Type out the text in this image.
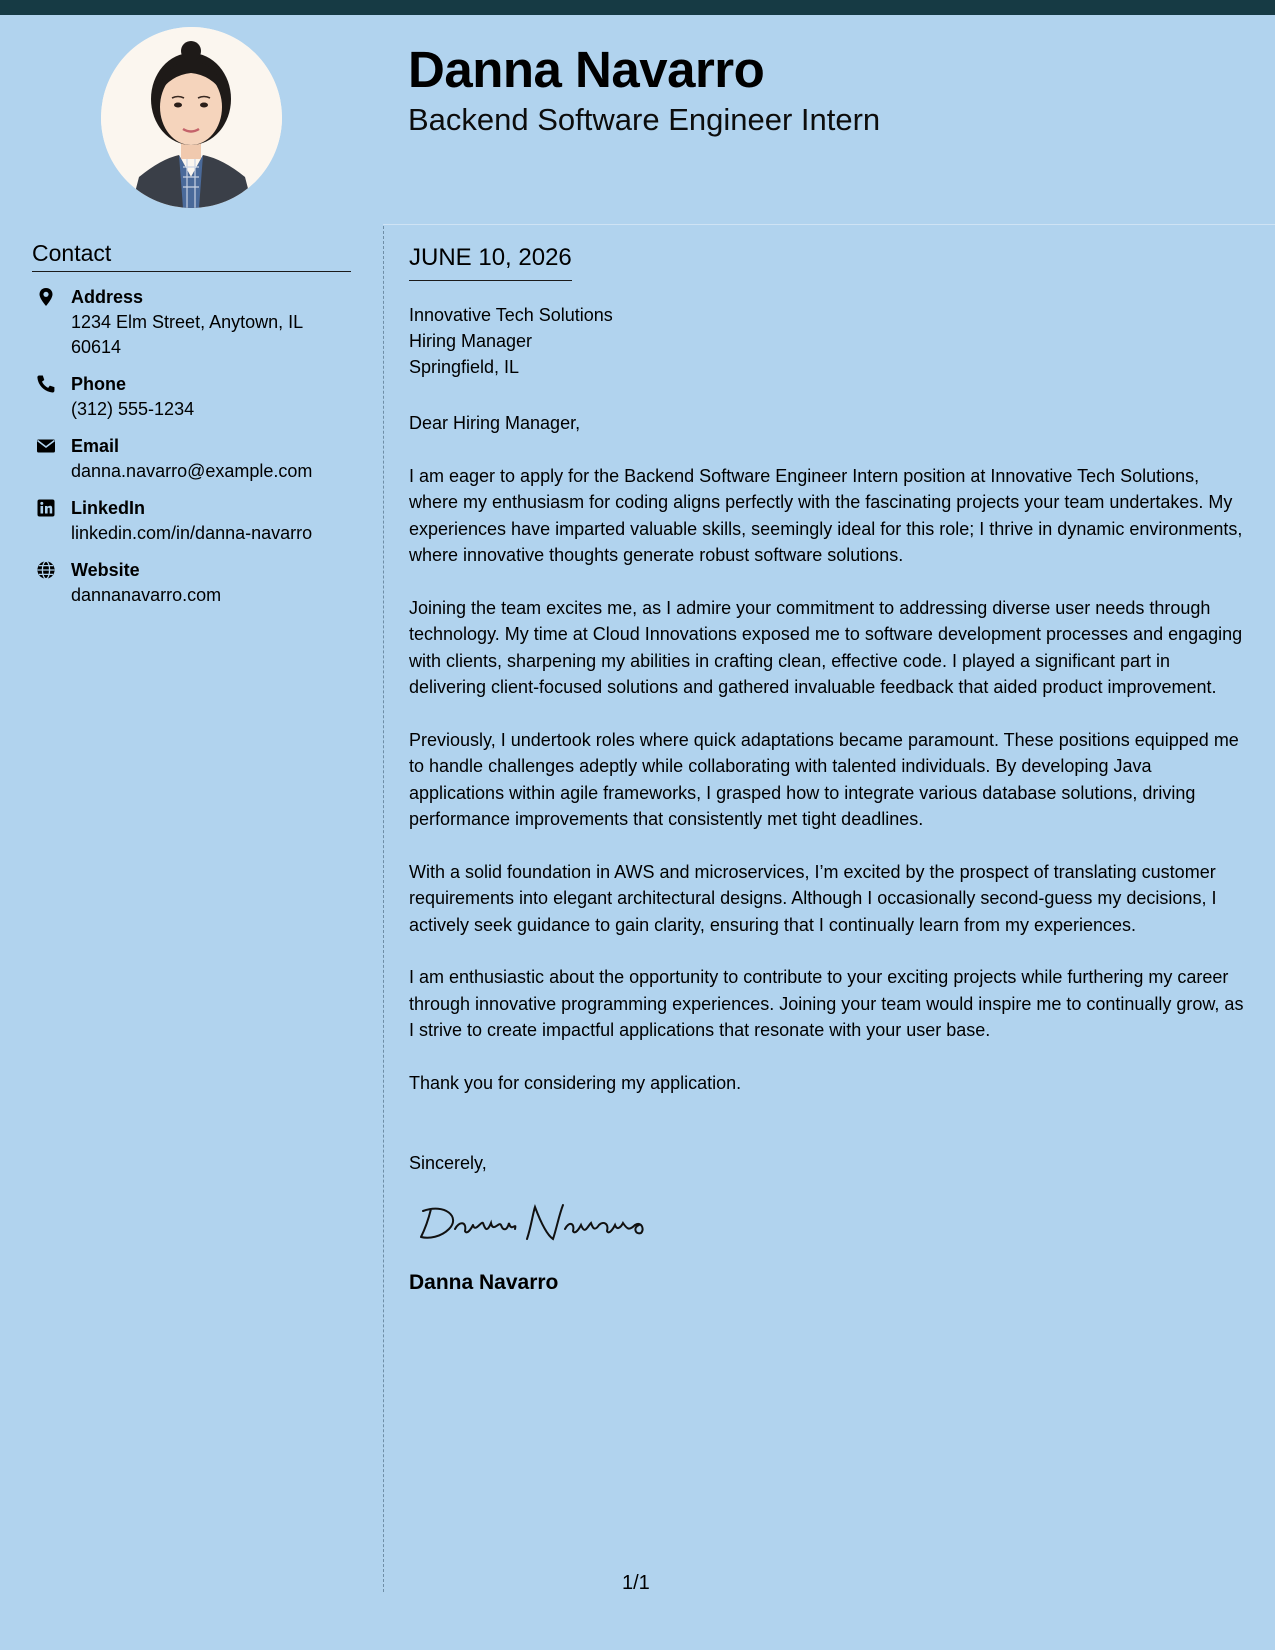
Danna Navarro
Backend Software Engineer Intern
Contact
Address
1234 Elm Street, Anytown, IL 60614
Phone
(312) 555-1234
Email
danna.navarro@example.com
LinkedIn
linkedin.com/in/danna-navarro
Website
dannanavarro.com
JUNE 10, 2026
Innovative Tech Solutions
Hiring Manager
Springfield, IL

Dear Hiring Manager,

I am eager to apply for the Backend Software Engineer Intern position at Innovative Tech Solutions, where my enthusiasm for coding aligns perfectly with the fascinating projects your team undertakes. My experiences have imparted valuable skills, seemingly ideal for this role; I thrive in dynamic environments, where innovative thoughts generate robust software solutions.

Joining the team excites me, as I admire your commitment to addressing diverse user needs through technology. My time at Cloud Innovations exposed me to software development processes and engaging with clients, sharpening my abilities in crafting clean, effective code. I played a significant part in delivering client-focused solutions and gathered invaluable feedback that aided product improvement.

Previously, I undertook roles where quick adaptations became paramount. These positions equipped me to handle challenges adeptly while collaborating with talented individuals. By developing Java applications within agile frameworks, I grasped how to integrate various database solutions, driving performance improvements that consistently met tight deadlines.

With a solid foundation in AWS and microservices, I’m excited by the prospect of translating customer requirements into elegant architectural designs. Although I occasionally second-guess my decisions, I actively seek guidance to gain clarity, ensuring that I continually learn from my experiences.

I am enthusiastic about the opportunity to contribute to your exciting projects while furthering my career through innovative programming experiences. Joining your team would inspire me to continually grow, as I strive to create impactful applications that resonate with your user base.

Thank you for considering my application.

Sincerely,

Danna Navarro
1/1
